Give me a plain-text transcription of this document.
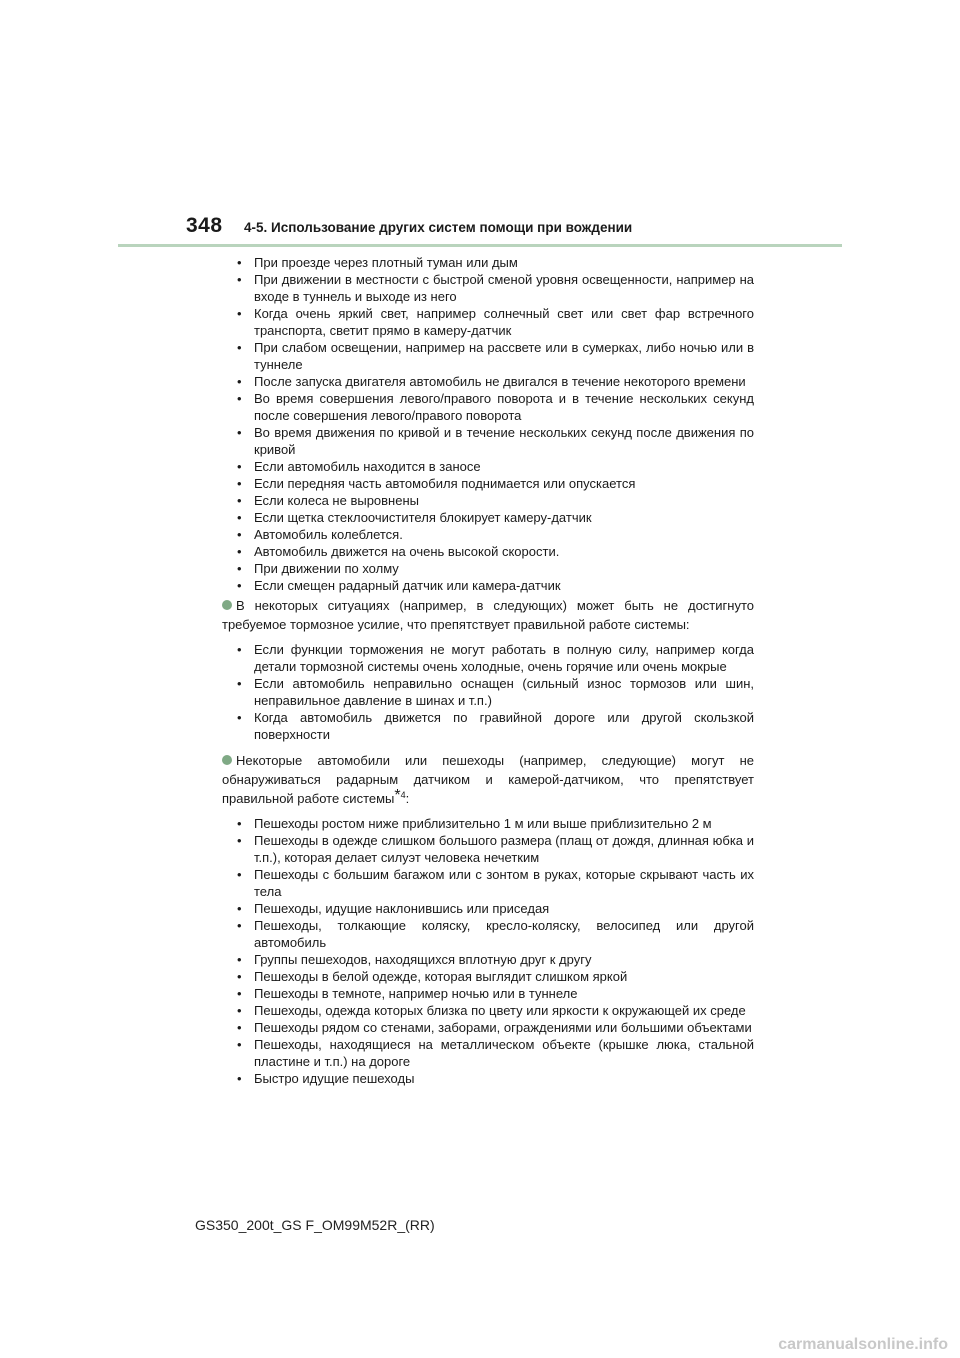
348 4-5. Использование других систем помощи при вождении
• При проезде через плотный туман или дым
• При движении в местности с быстрой сменой уровня освещенности, например на входе в туннель и выходе из него
• Когда очень яркий свет, например солнечный свет или свет фар встречного транспорта, светит прямо в камеру-датчик
• При слабом освещении, например на рассвете или в сумерках, либо ночью или в туннеле
• После запуска двигателя автомобиль не двигался в течение некоторого времени
• Во время совершения левого/правого поворота и в течение нескольких секунд после совершения левого/правого поворота
• Во время движения по кривой и в течение нескольких секунд после движения по кривой
• Если автомобиль находится в заносе
• Если передняя часть автомобиля поднимается или опускается
• Если колеса не выровнены
• Если щетка стеклоочистителя блокирует камеру-датчик
• Автомобиль колеблется.
• Автомобиль движется на очень высокой скорости.
• При движении по холму
• Если смещен радарный датчик или камера-датчик
В некоторых ситуациях (например, в следующих) может быть не достигнуто требуемое тормозное усилие, что препятствует правильной работе системы:
• Если функции торможения не могут работать в полную силу, например когда детали тормозной системы очень холодные, очень горячие или очень мокрые
• Если автомобиль неправильно оснащен (сильный износ тормозов или шин, неправильное давление в шинах и т.п.)
• Когда автомобиль движется по гравийной дороге или другой скользкой поверхности
Некоторые автомобили или пешеходы (например, следующие) могут не обнаруживаться радарным датчиком и камерой-датчиком, что препятствует правильной работе системы$^{*4}$:
• Пешеходы ростом ниже приблизительно 1 м или выше приблизительно 2 м
• Пешеходы в одежде слишком большого размера (плащ от дождя, длинная юбка и т.п.), которая делает силуэт человека нечетким
• Пешеходы с большим багажом или с зонтом в руках, которые скрывают часть их тела
• Пешеходы, идущие наклонившись или приседая
• Пешеходы, толкающие коляску, кресло-коляску, велосипед или другой автомобиль
• Группы пешеходов, находящихся вплотную друг к другу
• Пешеходы в белой одежде, которая выглядит слишком яркой
• Пешеходы в темноте, например ночью или в туннеле
• Пешеходы, одежда которых близка по цвету или яркости к окружающей их среде
• Пешеходы рядом со стенами, заборами, ограждениями или большими объектами
• Пешеходы, находящиеся на металлическом объекте (крышке люка, стальной пластине и т.п.) на дороге
• Быстро идущие пешеходы
GS350_200t_GS F_OM99M52R_(RR)
carmanualsonline.info
